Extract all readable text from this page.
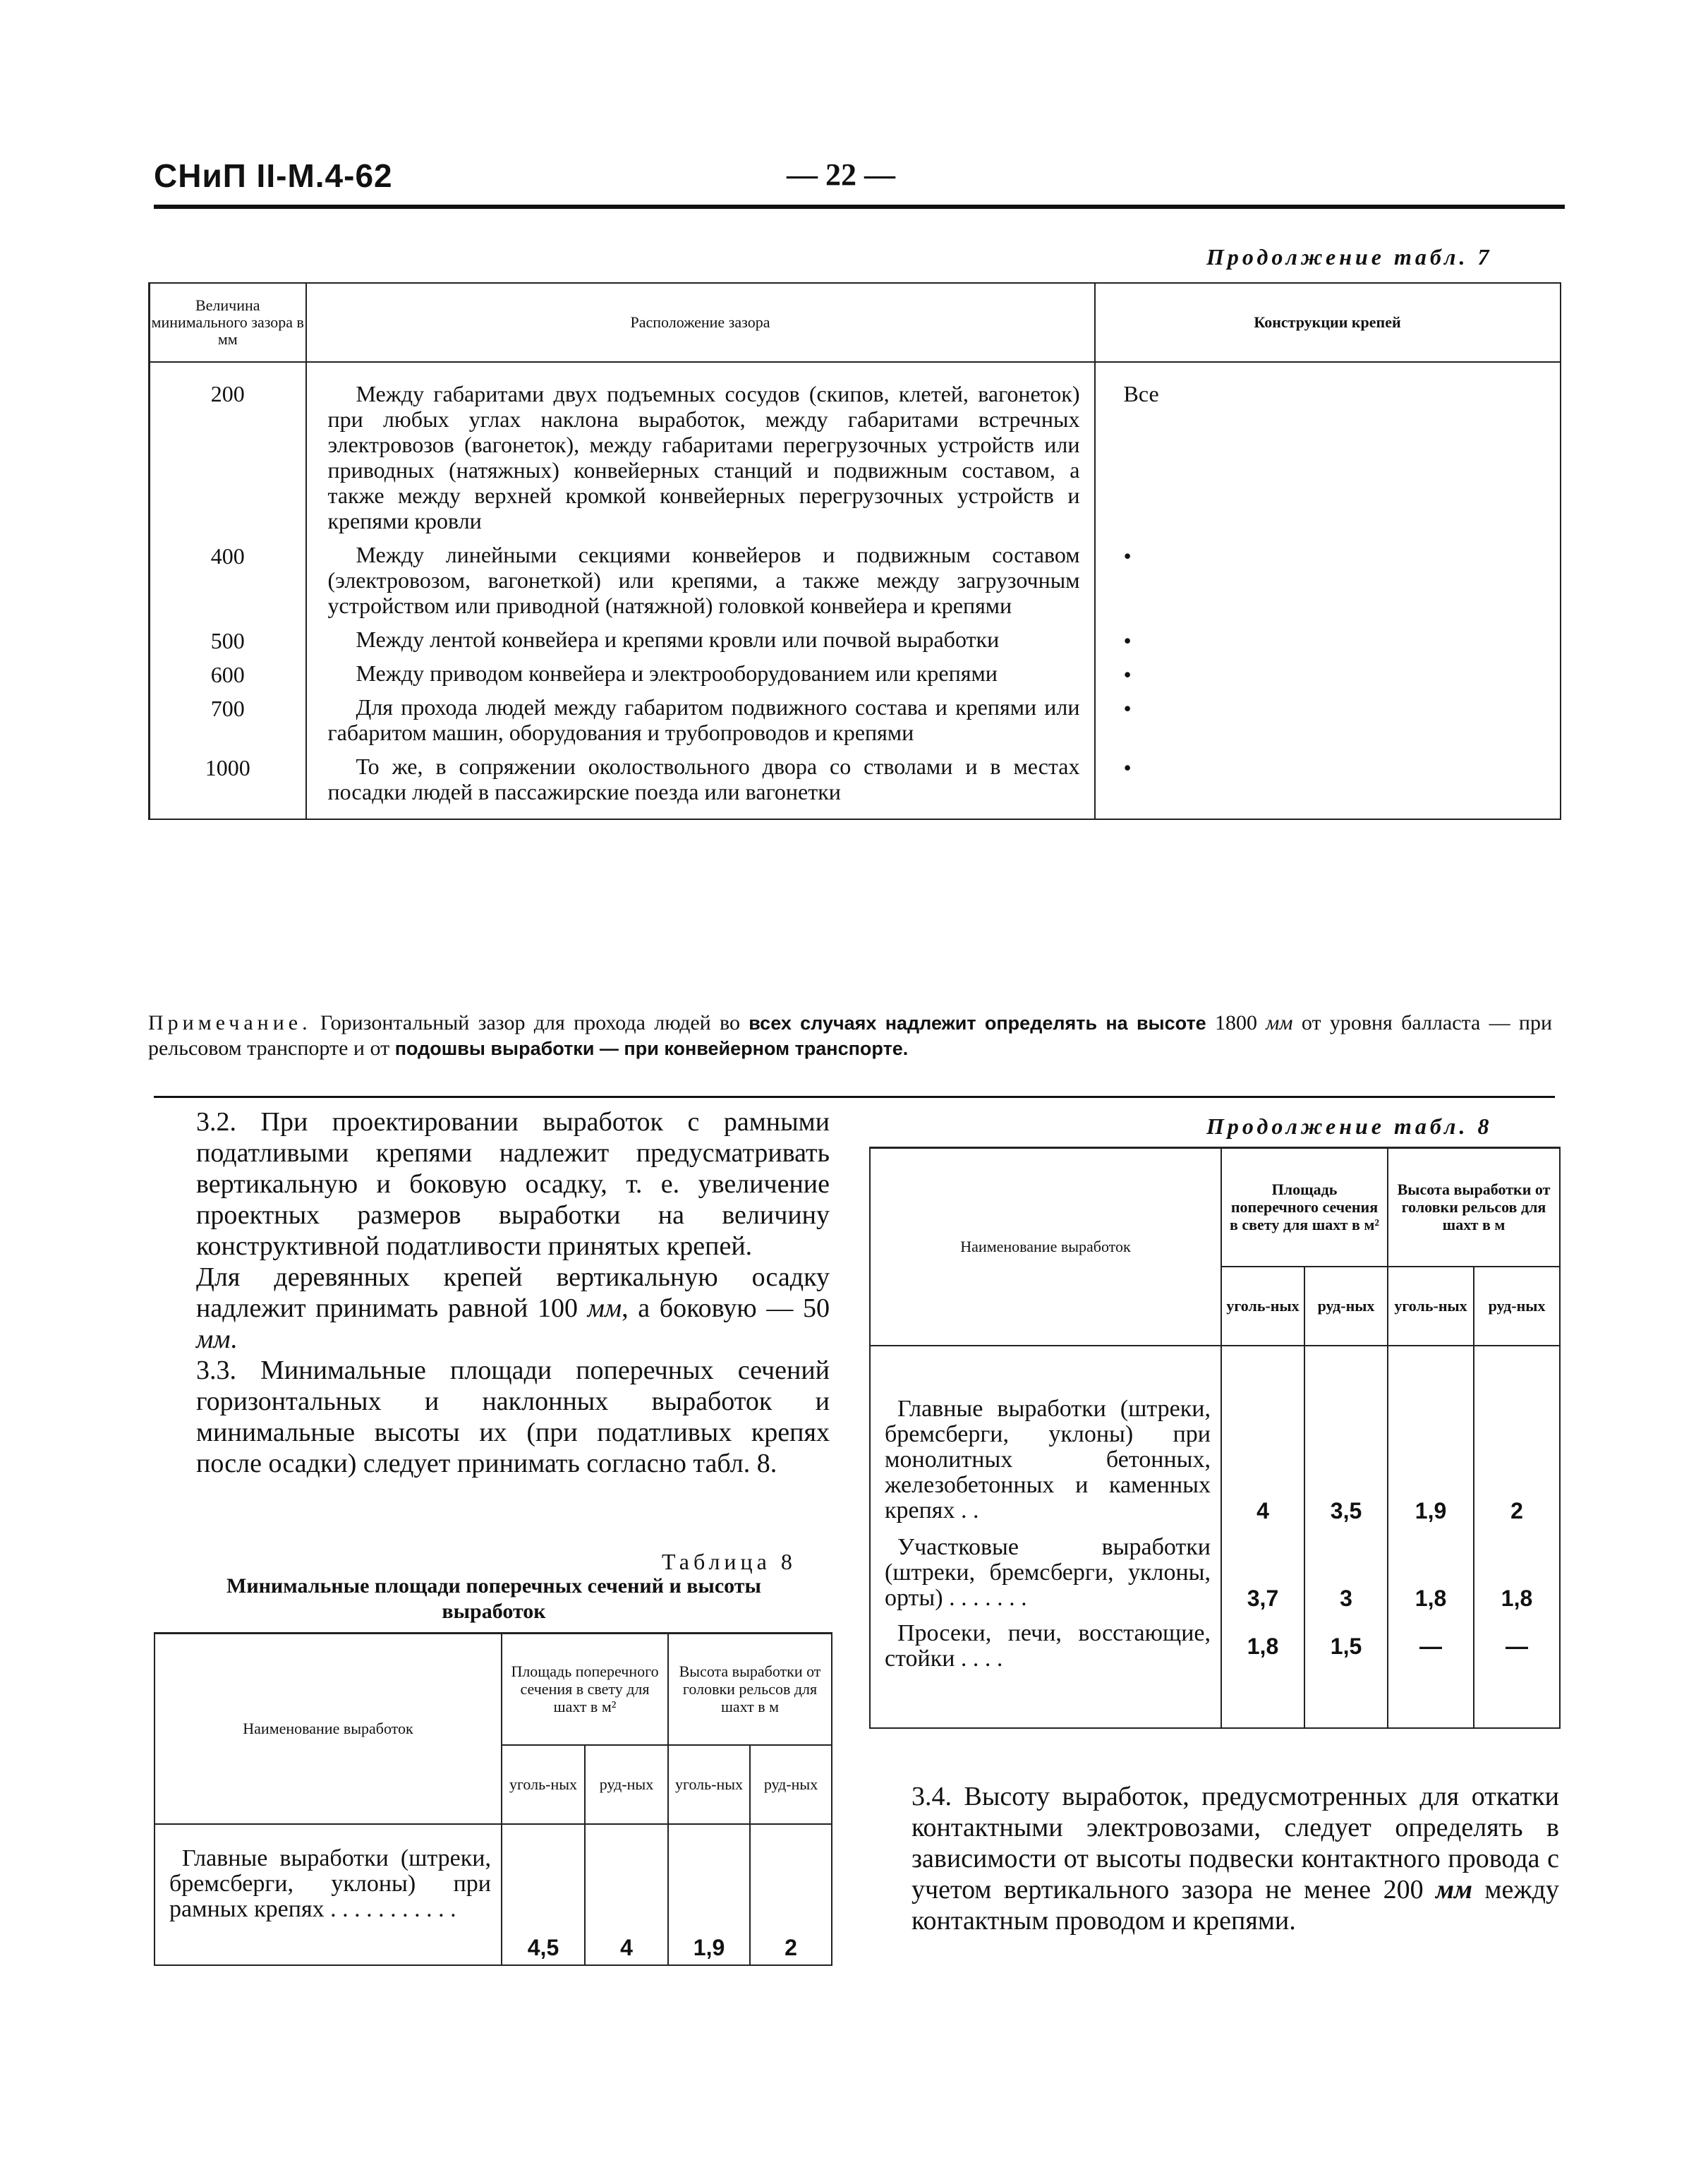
СНиП II-М.4-62	— 22 —
Продолжение табл. 7
Величина минимального зазора в мм	Расположение зазора	Конструкции крепей
200	Между габаритами двух подъемных сосудов (скипов, клетей, вагонеток) при любых углах наклона выработок, между габаритами встречных электровозов (вагонеток), между габаритами перегрузочных устройств или приводных (натяжных) конвейерных станций и подвижным составом, а также между верхней кромкой конвейерных перегрузочных устройств и крепями кровли	Все
400	Между линейными секциями конвейеров и подвижным составом (электровозом, вагонеткой) или крепями, а также между загрузочным устройством или приводной (натяжной) головкой конвейера и крепями	•
500	Между лентой конвейера и крепями кровли или почвой выработки	•
600	Между приводом конвейера и электрооборудованием или крепями	•
700	Для прохода людей между габаритом подвижного состава и крепями или габаритом машин, оборудования и трубопроводов и крепями	•
1000	То же, в сопряжении околоствольного двора со стволами и в местах посадки людей в пассажирские поезда или вагонетки	•
Примечание. Горизонтальный зазор для прохода людей во всех случаях надлежит определять на высоте 1800 мм от уровня балласта — при рельсовом транспорте и от подошвы выработки — при конвейерном транспорте.
3.2. При проектировании выработок с рамными податливыми крепями надлежит предусматривать вертикальную и боковую осадку, т. е. увеличение проектных размеров выработки на величину конструктивной податливости принятых крепей.
Для деревянных крепей вертикальную осадку надлежит принимать равной 100 мм, а боковую — 50 мм.
3.3. Минимальные площади поперечных сечений горизонтальных и наклонных выработок и минимальные высоты их (при податливых крепях после осадки) следует принимать согласно табл. 8.
Таблица 8
Минимальные площади поперечных сечений и высоты выработок
Наименование выработок	Площадь поперечного сечения в свету для шахт в м²		Высота выработки от головки рельсов для шахт в м	
	уголь-ных	руд-ных	уголь-ных	руд-ных
Главные выработки (штреки, бремсберги, уклоны) при рамных крепях . . . . . . . . . . .	4,5	4	1,9	2
Продолжение табл. 8
Наименование выработок	Площадь поперечного сечения в свету для шахт в м²		Высота выработки от головки рельсов для шахт в м	
	уголь-ных	руд-ных	уголь-ных	руд-ных
Главные выработки (штреки, бремсберги, уклоны) при монолитных бетонных, железобетонных и каменных крепях . .	4	3,5	1,9	2
Участковые выработки (штреки, бремсберги, уклоны, орты) . . . . . . .	3,7	3	1,8	1,8
Просеки, печи, восстающие, стойки . . . .	1,8	1,5	—	—
3.4. Высоту выработок, предусмотренных для откатки контактными электровозами, следует определять в зависимости от высоты подвески контактного провода с учетом вертикального зазора не менее 200 мм между контактным проводом и крепями.
